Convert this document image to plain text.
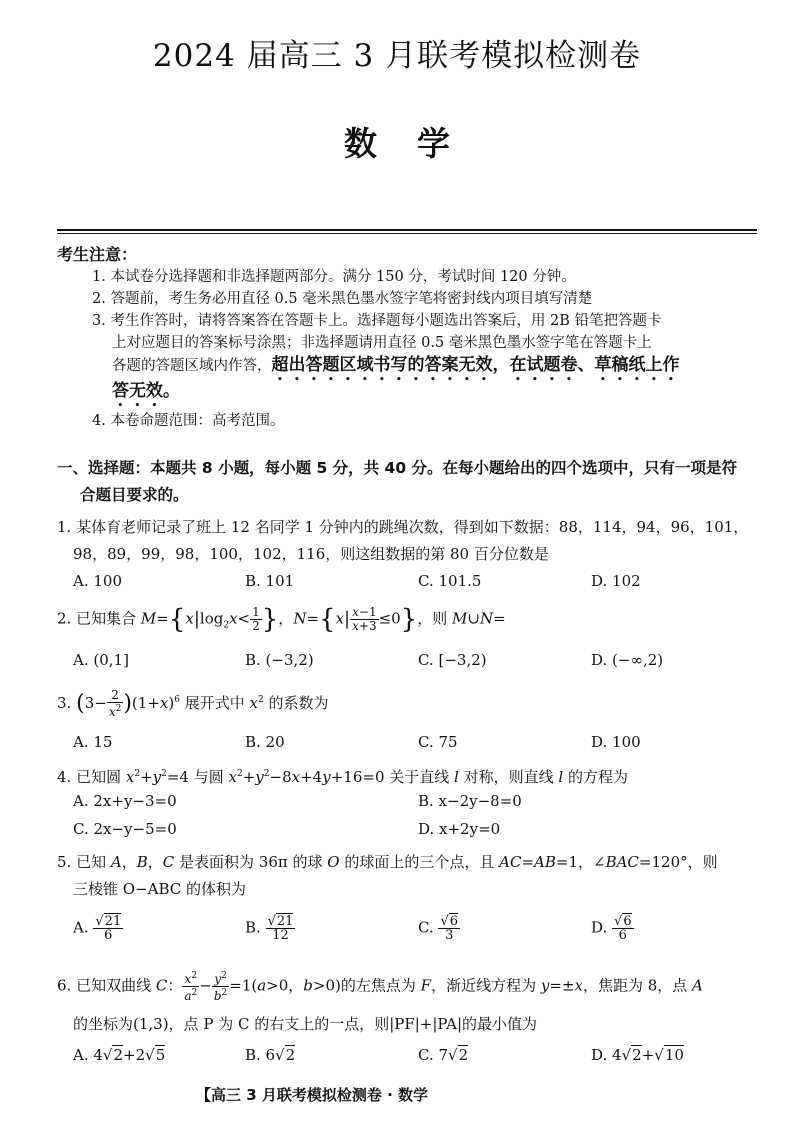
2024 届高三 3 月联考模拟检测卷
数学
考生注意：
1. 本试卷分选择题和非选择题两部分。满分 150 分，考试时间 120 分钟。
2. 答题前，考生务必用直径 0.5 毫米黑色墨水签字笔将密封线内项目填写清楚
3. 考生作答时，请将答案答在答题卡上。选择题每小题选出答案后，用 2B 铅笔把答题卡
上对应题目的答案标号涂黑；非选择题请用直径 0.5 毫米黑色墨水签字笔在答题卡上
各题的答题区域内作答，超出答题区域书写的答案无效，在试题卷、草稿纸上作
答无效。
4. 本卷命题范围：高考范围。
一、选择题：本题共 8 小题，每小题 5 分，共 40 分。在每小题给出的四个选项中，只有一项是符
合题目要求的。
1. 某体育老师记录了班上 12 名同学 1 分钟内的跳绳次数，得到如下数据：88，114，94，96，101，
98，89，99，98，100，102，116，则这组数据的第 80 百分位数是
A. 100	B. 101	C. 101.5	D. 102
2. 已知集合 $M=\{x|\log_2x< \frac{1}{2}$ }，$N=\{x| \frac{x-1}{x+3} \le 0\}$，则 M∪N=
A. (0,1]	B. (−3,2)	C. [−3,2)	D. (−∞,2)
3. $(3- \frac{2}{x^2} )(1+x)^6$ 展开式中 $x^2$ 的系数为
A. 15	B. 20	C. 75	D. 100
4. 已知圆 $x^2+y^2=4$ 与圆 $x^2+y^2-8x+4y+16=0$ 关于直线 l 对称，则直线 l 的方程为
A. 2x+y−3=0	B. x−2y−8=0
C. 2x−y−5=0	D. x+2y=0
5. 已知 A，B，C 是表面积为 36π 的球 O 的球面上的三个点，且 AC=AB=1，∠BAC=120°，则
三棱锥 O−ABC 的体积为
A. $\frac{√21}{6}$	B. $\frac{√21}{12}$	C. $\frac{√6}{3}$	D. $\frac{√6}{6}$
6. 已知双曲线 C： $\frac{x^2}{a^2} - \frac{y^2}{b^2} =1(a>0$，b>0)的左焦点为 F，渐近线方程为 y=±x，焦距为 8，点 A
的坐标为(1,3)，点 P 为 C 的右支上的一点，则|PF|+|PA|的最小值为
A. 4√2+2√5	B. 6√2	C. 7√2	D. 4√2+√10
【高三 3 月联考模拟检测卷 · 数学
